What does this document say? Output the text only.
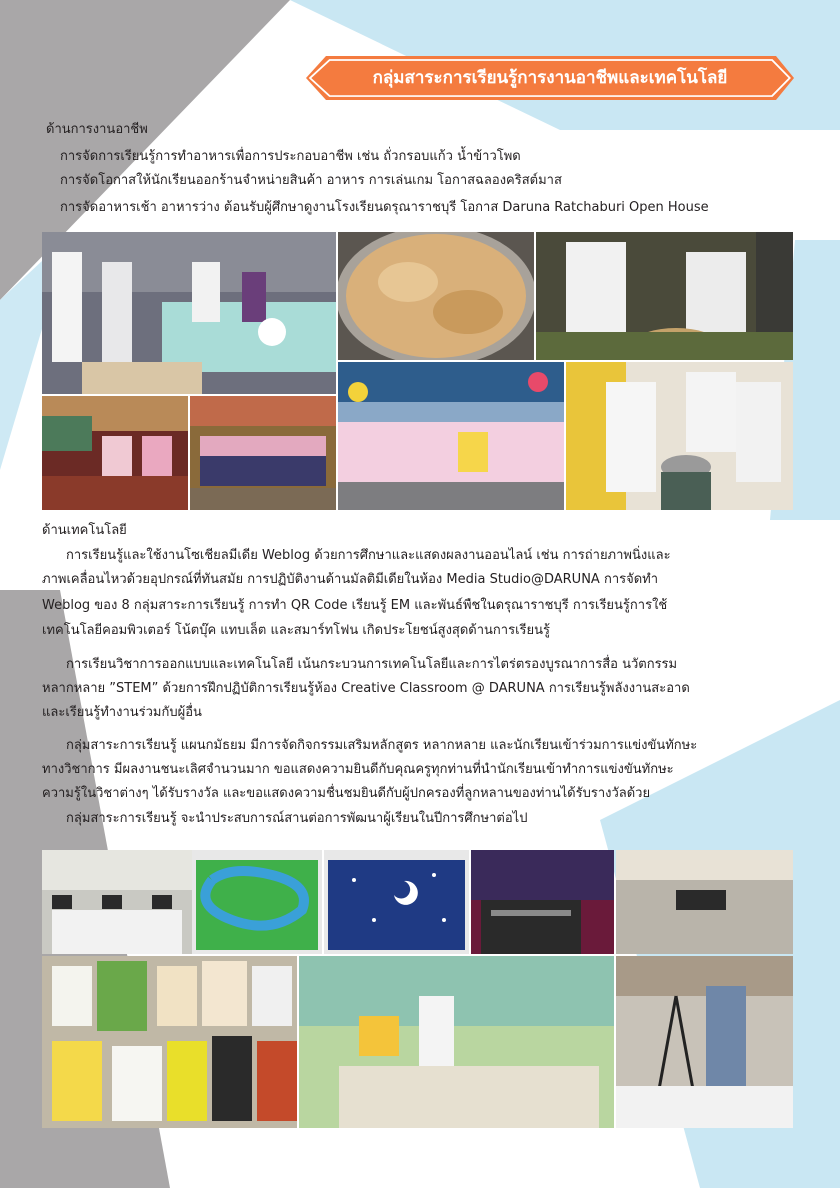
กลุ่มสาระการเรียนรู้การงานอาชีพและเทคโนโลยี
ด้านการงานอาชีพ
การจัดการเรียนรู้การทำอาหารเพื่อการประกอบอาชีพ เช่น ถั่วกรอบแก้ว น้ำข้าวโพด
การจัดโอกาสให้นักเรียนออกร้านจำหน่ายสินค้า อาหาร การเล่นเกม โอกาสฉลองคริสต์มาส
การจัดอาหารเช้า อาหารว่าง ต้อนรับผู้ศึกษาดูงานโรงเรียนดรุณาราชบุรี โอกาส Daruna Ratchaburi Open House
ด้านเทคโนโลยี
การเรียนรู้และใช้งานโซเชียลมีเดีย Weblog ด้วยการศึกษาและแสดงผลงานออนไลน์ เช่น การถ่ายภาพนิ่งและ
ภาพเคลื่อนไหวด้วยอุปกรณ์ที่ทันสมัย การปฏิบัติงานด้านมัลติมีเดียในห้อง Media Studio@DARUNA การจัดทำ
Weblog ของ 8 กลุ่มสาระการเรียนรู้ การทำ QR Code เรียนรู้ EM และพันธ์พืชในดรุณาราชบุรี การเรียนรู้การใช้
เทคโนโลยีคอมพิวเตอร์ โน้ตบุ๊ค แทบเล็ต และสมาร์ทโฟน เกิดประโยชน์สูงสุดด้านการเรียนรู้
การเรียนวิชาการออกแบบและเทคโนโลยี เน้นกระบวนการเทคโนโลยีและการไตร่ตรองบูรณาการสื่อ นวัตกรรม
หลากหลาย ”STEM” ด้วยการฝึกปฏิบัติการเรียนรู้ห้อง Creative Classroom @ DARUNA การเรียนรู้พลังงานสะอาด
และเรียนรู้ทำงานร่วมกับผู้อื่น
กลุ่มสาระการเรียนรู้ แผนกมัธยม มีการจัดกิจกรรมเสริมหลักสูตร หลากหลาย และนักเรียนเข้าร่วมการแข่งขันทักษะ
ทางวิชาการ มีผลงานชนะเลิศจำนวนมาก ขอแสดงความยินดีกับคุณครูทุกท่านที่นำนักเรียนเข้าทำการแข่งขันทักษะ
ความรู้ในวิชาต่างๆ ได้รับรางวัล และขอแสดงความชื่นชมยินดีกับผู้ปกครองที่ลูกหลานของท่านได้รับรางวัลด้วย
กลุ่มสาระการเรียนรู้ จะนำประสบการณ์สานต่อการพัฒนาผู้เรียนในปีการศึกษาต่อไป
